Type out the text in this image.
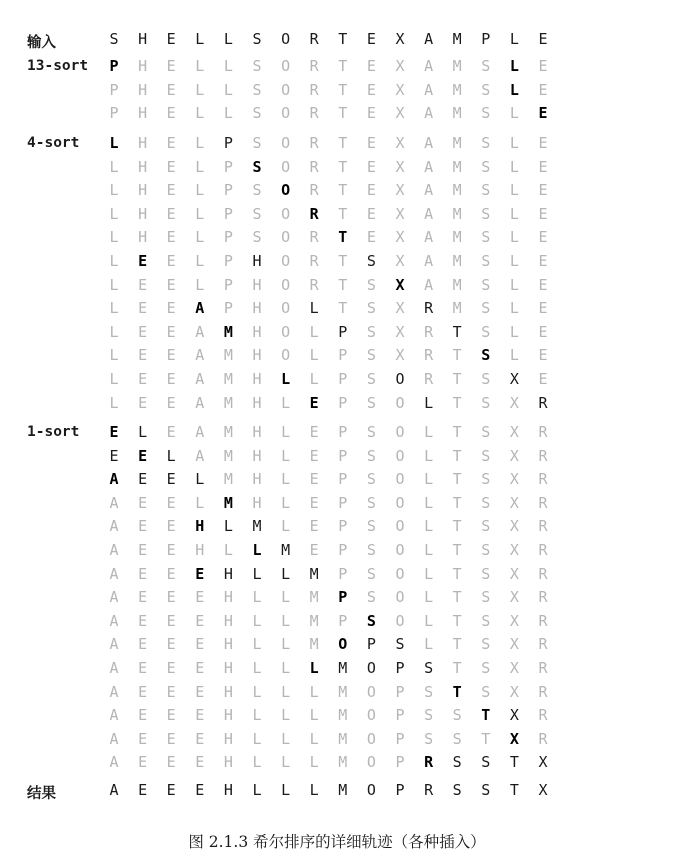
输入	S H E L L S O R T E X A M P L E
13-sort	P H E L L S O R T E X A M S L E
P H E L L S O R T E X A M S L E
P H E L L S O R T E X A M S L E
4-sort	L H E L P S O R T E X A M S L E
L H E L P S O R T E X A M S L E
L H E L P S O R T E X A M S L E
L H E L P S O R T E X A M S L E
L H E L P S O R T E X A M S L E
L E E L P H O R T S X A M S L E
L E E L P H O R T S X A M S L E
L E E A P H O L T S X R M S L E
L E E A M H O L P S X R T S L E
L E E A M H O L P S X R T S L E
L E E A M H L L P S O R T S X E
L E E A M H L E P S O L T S X R
1-sort	E L E A M H L E P S O L T S X R
E E L A M H L E P S O L T S X R
A E E L M H L E P S O L T S X R
A E E L M H L E P S O L T S X R
A E E H L M L E P S O L T S X R
A E E H L L M E P S O L T S X R
A E E E H L L M P S O L T S X R
A E E E H L L M P S O L T S X R
A E E E H L L M P S O L T S X R
A E E E H L L M O P S L T S X R
A E E E H L L L M O P S T S X R
A E E E H L L L M O P S T S X R
A E E E H L L L M O P S S T X R
A E E E H L L L M O P S S T X R
A E E E H L L L M O P R S S T X
结果	A E E E H L L L M O P R S S T X
图 2.1.3 希尔排序的详细轨迹（各种插入）
